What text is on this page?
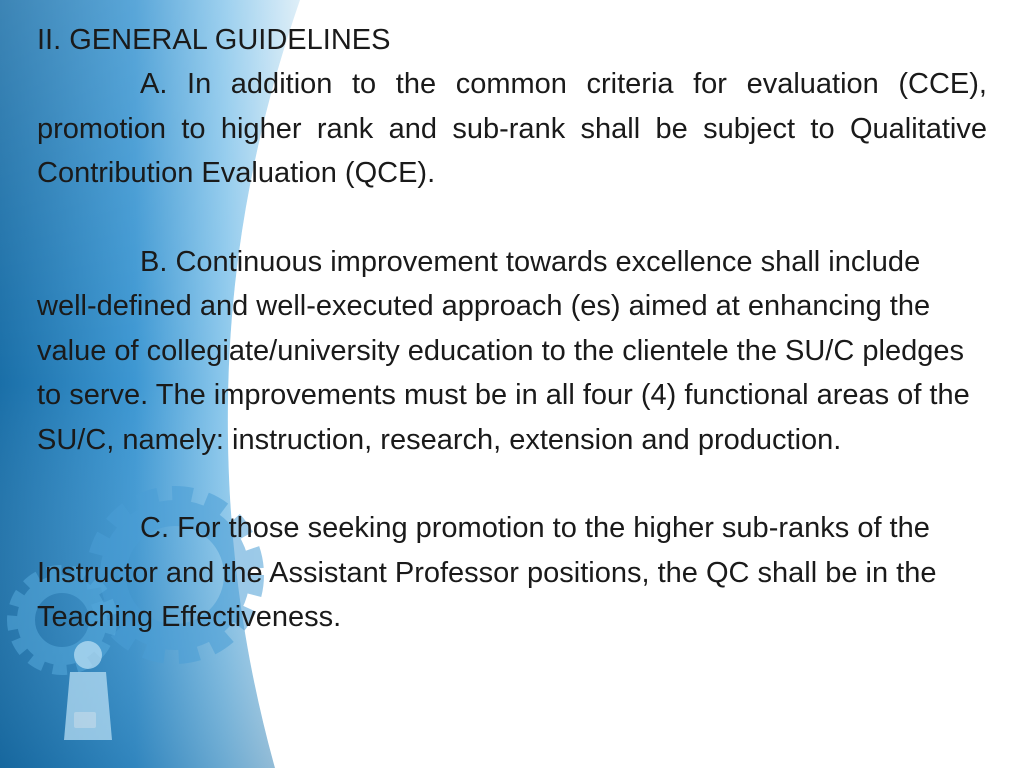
II. GENERAL GUIDELINES

A. In addition to the common criteria for evaluation (CCE), promotion to higher rank and sub-rank shall be subject to Qualitative Contribution Evaluation (QCE).

B. Continuous improvement towards excellence shall include well-defined and well-executed approach (es) aimed at enhancing the value of collegiate/university education to the clientele the SU/C pledges to serve. The improvements must be in all four (4) functional areas of the SU/C, namely: instruction, research, extension and production.

C. For those seeking promotion to the higher sub-ranks of the Instructor and the Assistant Professor positions, the QC shall be in the Teaching Effectiveness.
